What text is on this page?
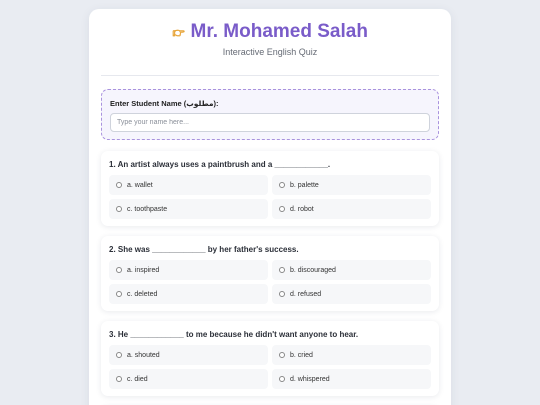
👉︎ Mr. Mohamed Salah
Interactive English Quiz
Enter Student Name (مطلوب):
Type your name here...
1. An artist always uses a paintbrush and a ____________.
a. wallet	b. palette
c. toothpaste	d. robot
2. She was ____________ by her father's success.
a. inspired	b. discouraged
c. deleted	d. refused
3. He ____________ to me because he didn't want anyone to hear.
a. shouted	b. cried
c. died	d. whispered
